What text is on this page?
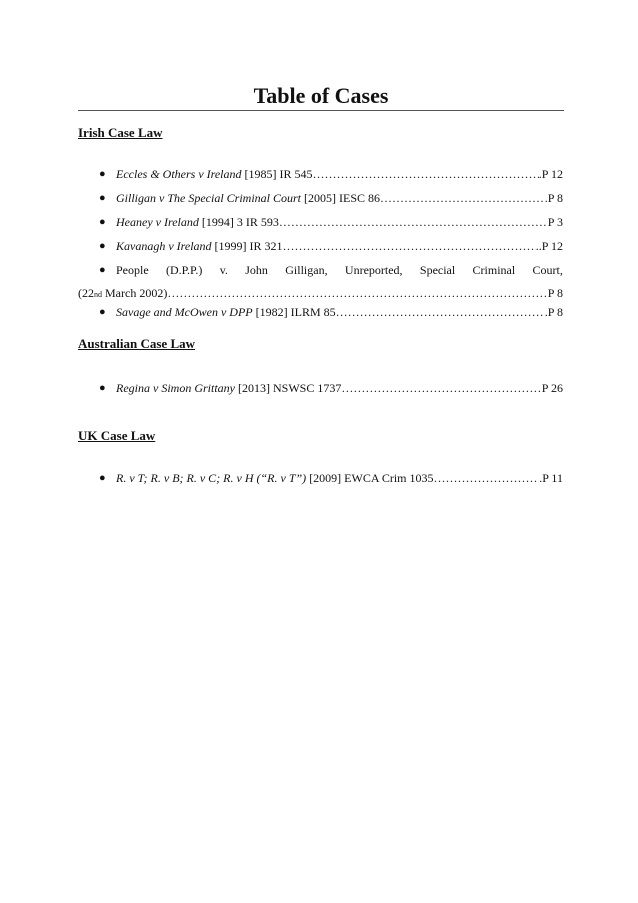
Table of Cases
Irish Case Law
● Eccles & Others v Ireland [1985] IR 545 ………………………………………………………………………………………………………………………………………………………………………………	.P 12
● Gilligan v The Special Criminal Court [2005] IESC 86 ………………………………………………………………………………………………………………………………………………………………………………	.P 8
● Heaney v Ireland [1994] 3 IR 593 ………………………………………………………………………………………………………………………………………………………………………………	P 3
● Kavanagh v Ireland [1999] IR 321 ………………………………………………………………………………………………………………………………………………………………………………	..P 12
● People (D.P.P.) v. John Gilligan, Unreported, Special Criminal Court,
(22 nd March 2002) ………………………………………………………………………………………………………………………………………………………………………………	P 8
● Savage and McOwen v DPP [1982] ILRM 85 ………………………………………………………………………………………………………………………………………………………………………………	.P 8
Australian Case Law
● Regina v Simon Grittany [2013] NSWSC 1737 ………………………………………………………………………………………………………………………………………………………………………………	P 26
UK Case Law
● R. v T; R. v B; R. v C; R. v H (“R. v T”) [2009] EWCA Crim 1035 ………………………………………………………………………………………………………………………………………………………………………………	.P 11
